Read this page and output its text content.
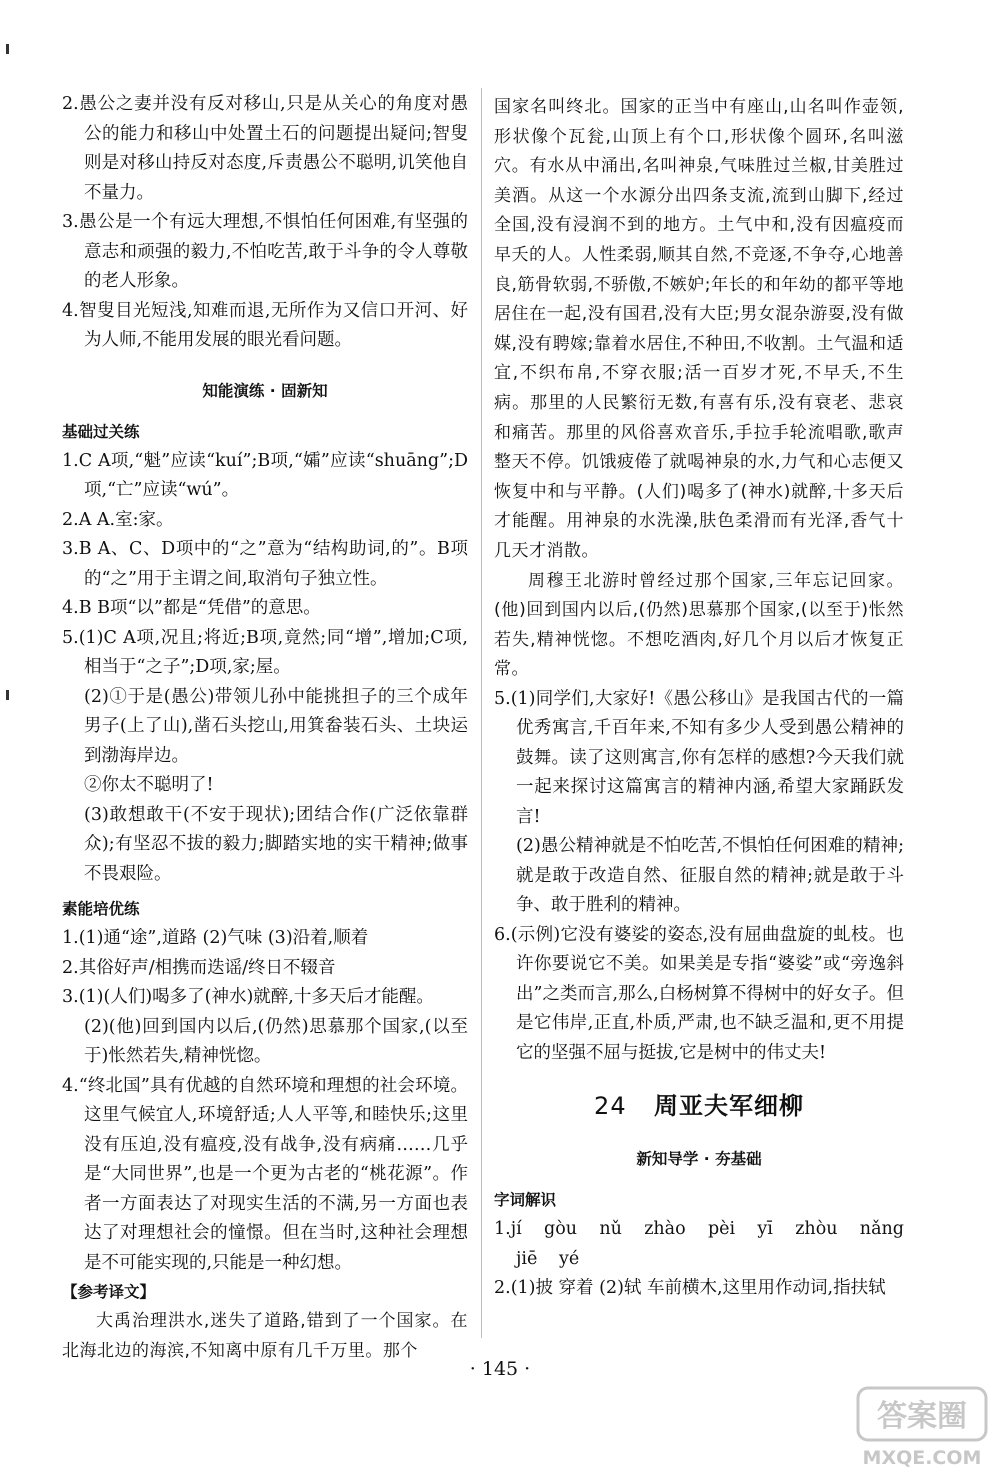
2.愚公之妻并没有反对移山,只是从关心的角度对愚公的能力和移山中处置土石的问题提出疑问;智叟则是对移山持反对态度,斥责愚公不聪明,讥笑他自不量力。

3.愚公是一个有远大理想,不惧怕任何困难,有坚强的意志和顽强的毅力,不怕吃苦,敢于斗争的令人尊敬的老人形象。

4.智叟目光短浅,知难而退,无所作为又信口开河、好为人师,不能用发展的眼光看问题。

知能演练 · 固新知
基础过关练

1.C A项,“魁”应读“kuí”;B项,“孀”应读“shuāng”;D项,“亡”应读“wú”。

2.A A.室:家。

3.B A、C、D项中的“之”意为“结构助词,的”。B项的“之”用于主谓之间,取消句子独立性。

4.B B项“以”都是“凭借”的意思。

5.(1)C A项,况且;将近;B项,竟然;同“增”,增加;C项,相当于“之子”;D项,家;屋。

(2)①于是(愚公)带领儿孙中能挑担子的三个成年男子(上了山),凿石头挖山,用箕畚装石头、土块运到渤海岸边。

②你太不聪明了!

(3)敢想敢干(不安于现状);团结合作(广泛依靠群众);有坚忍不拔的毅力;脚踏实地的实干精神;做事不畏艰险。

素能培优练

1.(1)通“途”,道路 (2)气味 (3)沿着,顺着

2.其俗好声/相携而迭谣/终日不辍音

3.(1)(人们)喝多了(神水)就醉,十多天后才能醒。

(2)(他)回到国内以后,(仍然)思慕那个国家,(以至于)怅然若失,精神恍惚。

4.“终北国”具有优越的自然环境和理想的社会环境。这里气候宜人,环境舒适;人人平等,和睦快乐;这里没有压迫,没有瘟疫,没有战争,没有病痛……几乎是“大同世界”,也是一个更为古老的“桃花源”。作者一方面表达了对现实生活的不满,另一方面也表达了对理想社会的憧憬。但在当时,这种社会理想是不可能实现的,只能是一种幻想。

【参考译文】

大禹治理洪水,迷失了道路,错到了一个国家。在北海北边的海滨,不知离中原有几千万里。那个

国家名叫终北。国家的正当中有座山,山名叫作壶领,形状像个瓦瓮,山顶上有个口,形状像个圆环,名叫滋穴。有水从中涌出,名叫神泉,气味胜过兰椒,甘美胜过美酒。从这一个水源分出四条支流,流到山脚下,经过全国,没有浸润不到的地方。土气中和,没有因瘟疫而早夭的人。人性柔弱,顺其自然,不竞逐,不争夺,心地善良,筋骨软弱,不骄傲,不嫉妒;年长的和年幼的都平等地居住在一起,没有国君,没有大臣;男女混杂游耍,没有做媒,没有聘嫁;靠着水居住,不种田,不收割。土气温和适宜,不织布帛,不穿衣服;活一百岁才死,不早夭,不生病。那里的人民繁衍无数,有喜有乐,没有衰老、悲哀和痛苦。那里的风俗喜欢音乐,手拉手轮流唱歌,歌声整天不停。饥饿疲倦了就喝神泉的水,力气和心志便又恢复中和与平静。(人们)喝多了(神水)就醉,十多天后才能醒。用神泉的水洗澡,肤色柔滑而有光泽,香气十几天才消散。

周穆王北游时曾经过那个国家,三年忘记回家。(他)回到国内以后,(仍然)思慕那个国家,(以至于)怅然若失,精神恍惚。不想吃酒肉,好几个月以后才恢复正常。

5.(1)同学们,大家好!《愚公移山》是我国古代的一篇优秀寓言,千百年来,不知有多少人受到愚公精神的鼓舞。读了这则寓言,你有怎样的感想?今天我们就一起来探讨这篇寓言的精神内涵,希望大家踊跃发言!

(2)愚公精神就是不怕吃苦,不惧怕任何困难的精神;就是敢于改造自然、征服自然的精神;就是敢于斗争、敢于胜利的精神。

6.(示例)它没有婆娑的姿态,没有屈曲盘旋的虬枝。也许你要说它不美。如果美是专指“婆娑”或“旁逸斜出”之类而言,那么,白杨树算不得树中的好女子。但是它伟岸,正直,朴质,严肃,也不缺乏温和,更不用提它的坚强不屈与挺拔,它是树中的伟丈夫!

24 周亚夫军细柳
新知导学 · 夯基础
字词解识

1.jí gòu nǔ zhào pèi yī zhòu nǎng jiē yé

2.(1)披 穿着 (2)轼 车前横木,这里用作动词,指扶轼

· 145 ·
答案圈
MXQE.COM
